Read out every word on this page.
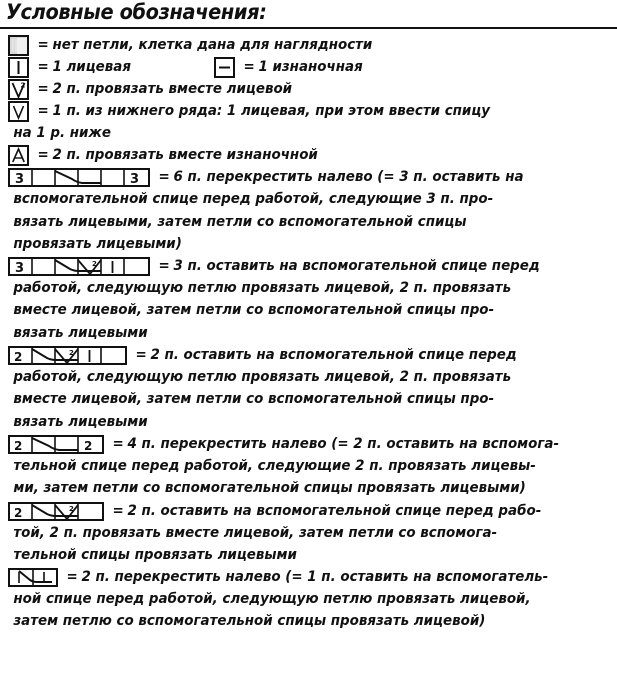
Условные обозначения:
= нет петли, клетка дана для наглядности
= 1 лицевая	= 1 изнаночная
2 = 2 п. провязать вместе лицевой
= 1 п. из нижнего ряда: 1 лицевая, при этом ввести спицу
на 1 р. ниже
= 2 п. провязать вместе изнаночной
3	3	= 6 п. перекрестить налево (= 3 п. оставить на
вспомогательной спице перед работой, следующие 3 п. про-
вязать лицевыми, затем петли со вспомогательной спицы
провязать лицевыми)
2
3	= 3 п. оставить на вспомогательной спице перед
работой, следующую петлю провязать лицевой, 2 п. провязать
вместе лицевой, затем петли со вспомогательной спицы про-
вязать лицевыми
2
2	= 2 п. оставить на вспомогательной спице перед
работой, следующую петлю провязать лицевой, 2 п. провязать
вместе лицевой, затем петли со вспомогательной спицы про-
вязать лицевыми
2	2	= 4 п. перекрестить налево (= 2 п. оставить на вспомога-
тельной спице перед работой, следующие 2 п. провязать лицевы-
ми, затем петли со вспомогательной спицы провязать лицевыми)
2
2	= 2 п. оставить на вспомогательной спице перед рабо-
той, 2 п. провязать вместе лицевой, затем петли со вспомога-
тельной спицы провязать лицевыми
= 2 п. перекрестить налево (= 1 п. оставить на вспомогатель-
ной спице перед работой, следующую петлю провязать лицевой,
затем петлю со вспомогательной спицы провязать лицевой)
